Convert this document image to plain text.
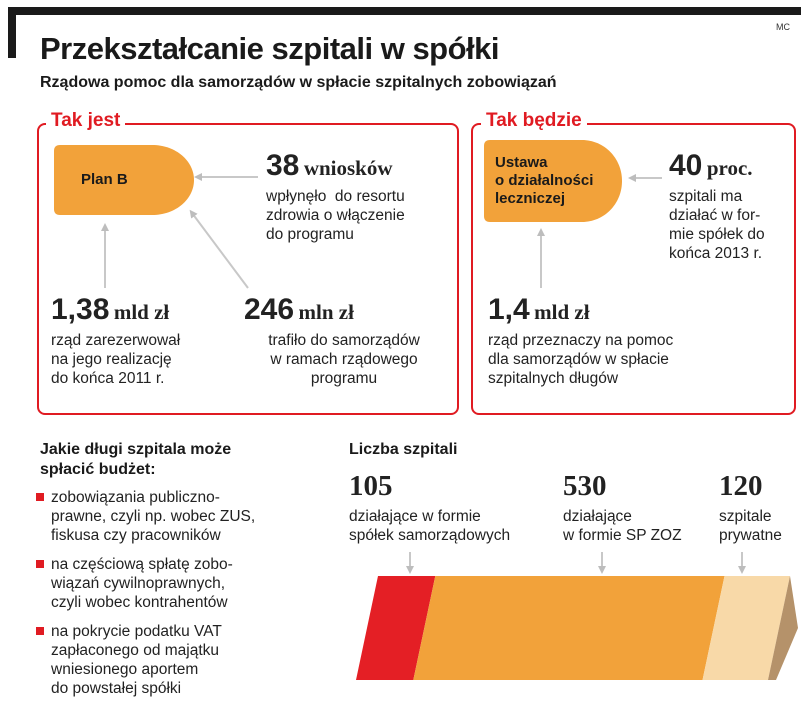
MC
Przekształcanie szpitali w spółki
Rządowa pomoc dla samorządów w spłacie szpitalnych zobowiązań
Tak jest
Plan B	38 wniosków
wpłynęło  do resortu
zdrowia o włączenie
do programu
1,38 mld zł
rząd zarezerwował
na jego realizację
do końca 2011 r.
246 mln zł
trafiło do samorządów
w ramach rządowego
programu
Tak będzie
Ustawa
o działalności
leczniczej
40 proc.
szpitali ma
działać w for-
mie spółek do
końca 2013 r.
1,4 mld zł
rząd przeznaczy na pomoc
dla samorządów w spłacie
szpitalnych długów
Jakie długi szpitala może
spłacić budżet:
zobowiązania publiczno-
prawne, czyli np. wobec ZUS,
fiskusa czy pracowników
na częściową spłatę zobo-
wiązań cywilnoprawnych,
czyli wobec kontrahentów
na pokrycie podatku VAT
zapłaconego od majątku
wniesionego aportem
do powstałej spółki
Liczba szpitali
105
działające w formie
spółek samorządowych
530
działające
w formie SP ZOZ
120
szpitale
prywatne
